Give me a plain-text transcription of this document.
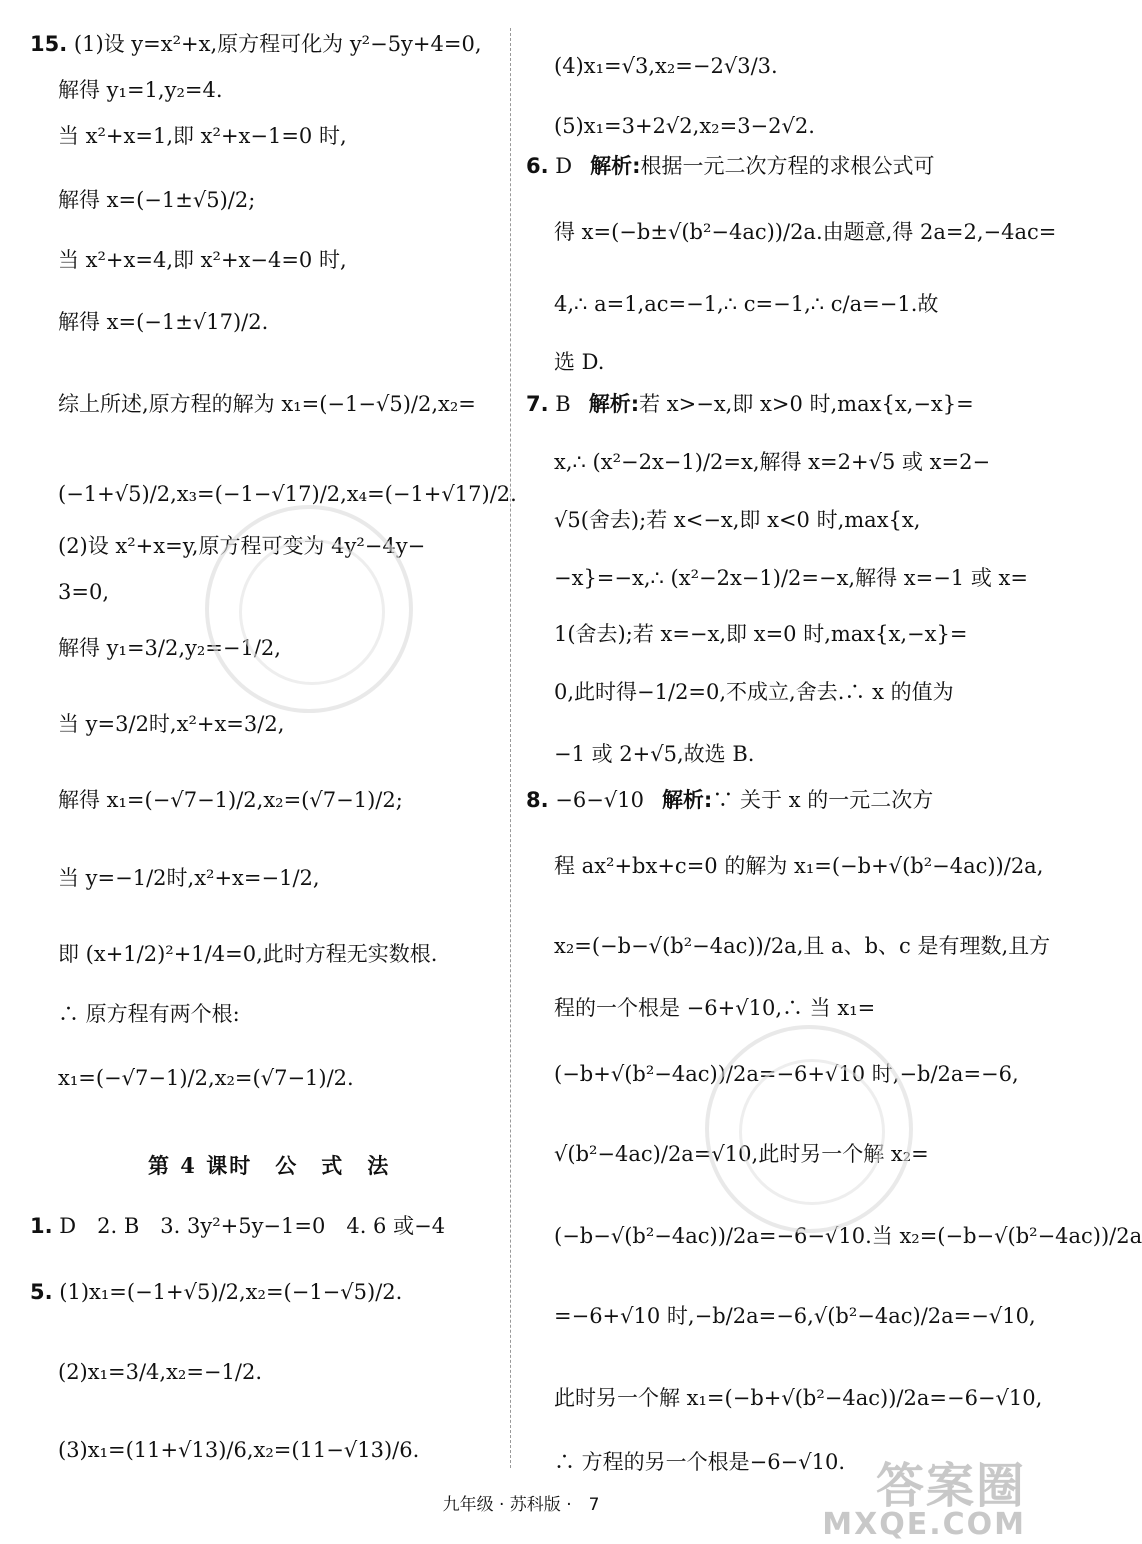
15. (1)设 y=x²+x,原方程可化为 y²−5y+4=0,
解得 y₁=1,y₂=4.
当 x²+x=1,即 x²+x−1=0 时,
解得 x=(−1±√5)/2;
当 x²+x=4,即 x²+x−4=0 时,
解得 x=(−1±√17)/2.
综上所述,原方程的解为 x₁=(−1−√5)/2,x₂=
(−1+√5)/2,x₃=(−1−√17)/2,x₄=(−1+√17)/2.
(2)设 x²+x=y,原方程可变为 4y²−4y−
3=0,
解得 y₁=3/2,y₂=−1/2,
当 y=3/2时,x²+x=3/2,
解得 x₁=(−√7−1)/2,x₂=(√7−1)/2;
当 y=−1/2时,x²+x=−1/2,
即 (x+1/2)²+1/4=0,此时方程无实数根.
∴ 原方程有两个根:
x₁=(−√7−1)/2,x₂=(√7−1)/2.
第 4 课时　公　式　法
1. D　2. B　3. 3y²+5y−1=0　4. 6 或−4
5. (1)x₁=(−1+√5)/2,x₂=(−1−√5)/2.
(2)x₁=3/4,x₂=−1/2.
(3)x₁=(11+√13)/6,x₂=(11−√13)/6.
(4)x₁=√3,x₂=−2√3/3.
(5)x₁=3+2√2,x₂=3−2√2.
6. D 解析:根据一元二次方程的求根公式可
得 x=(−b±√(b²−4ac))/2a.由题意,得 2a=2,−4ac=
4,∴ a=1,ac=−1,∴ c=−1,∴ c/a=−1.故
选 D.
7. B 解析:若 x>−x,即 x>0 时,max{x,−x}=
x,∴ (x²−2x−1)/2=x,解得 x=2+√5 或 x=2−
√5(舍去);若 x<−x,即 x<0 时,max{x,
−x}=−x,∴ (x²−2x−1)/2=−x,解得 x=−1 或 x=
1(舍去);若 x=−x,即 x=0 时,max{x,−x}=
0,此时得−1/2=0,不成立,舍去.∴ x 的值为
−1 或 2+√5,故选 B.
8. −6−√10 解析:∵ 关于 x 的一元二次方
程 ax²+bx+c=0 的解为 x₁=(−b+√(b²−4ac))/2a,
x₂=(−b−√(b²−4ac))/2a,且 a、b、c 是有理数,且方
程的一个根是 −6+√10,∴ 当 x₁=
(−b+√(b²−4ac))/2a=−6+√10 时,−b/2a=−6,
√(b²−4ac)/2a=√10,此时另一个解 x₂=
(−b−√(b²−4ac))/2a=−6−√10.当 x₂=(−b−√(b²−4ac))/2a
=−6+√10 时,−b/2a=−6,√(b²−4ac)/2a=−√10,
此时另一个解 x₁=(−b+√(b²−4ac))/2a=−6−√10,
∴ 方程的另一个根是−6−√10.
九年级 · 苏科版 ·　7	答案圈
MXQE.COM
